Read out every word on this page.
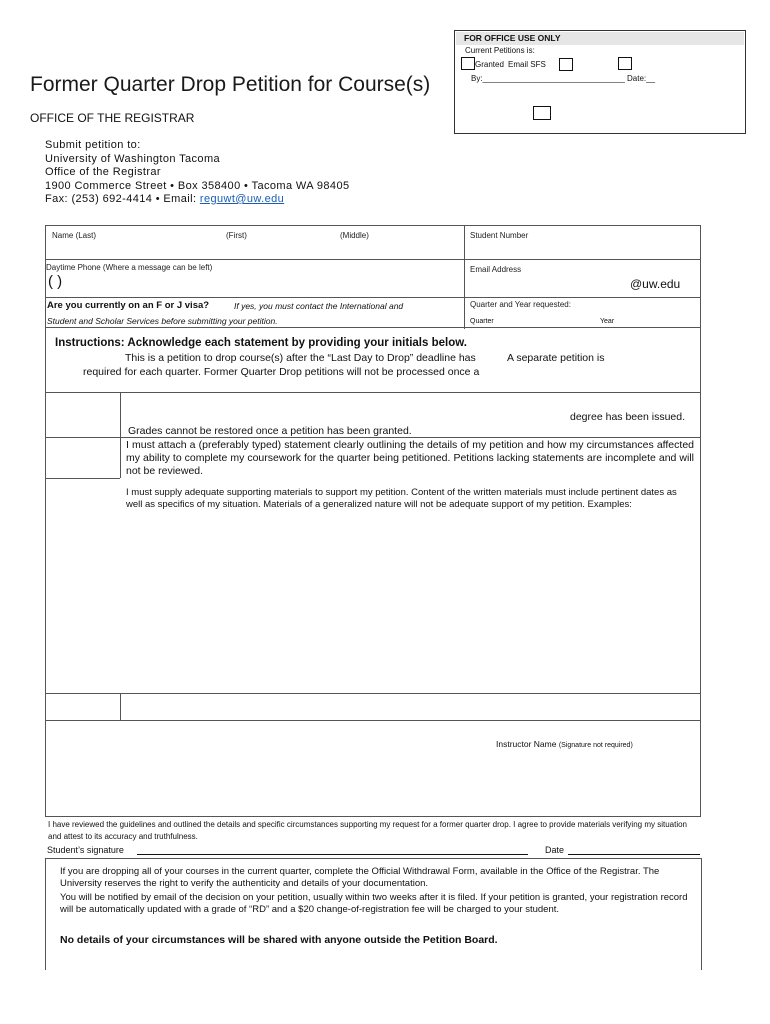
FOR OFFICE USE ONLY
Current Petitions is:
Granted Email SFS
By:________________________________ Date:__
Former Quarter Drop Petition for Course(s)
OFFICE OF THE REGISTRAR
Submit petition to:
University of Washington Tacoma
Office of the Registrar
1900 Commerce Street • Box 358400 • Tacoma WA 98405
Fax: (253) 692-4414 • Email: reguwt@uw.edu
Name (Last)	(First)	(Middle)	Student Number
Daytime Phone (Where a message can be left)
( )
Email Address
@uw.edu
Are you currently on an F or J visa?	If yes, you must contact the International and
Student and Scholar Services before submitting your petition.
Quarter and Year requested:
Quarter	Year
Instructions: Acknowledge each statement by providing your initials below.
This is a petition to drop course(s) after the “Last Day to Drop” deadline has	A separate petition is
required for each quarter. Former Quarter Drop petitions will not be processed once a
degree has been issued.
Grades cannot be restored once a petition has been granted.
I must attach a (preferably typed) statement clearly outlining the details of my petition and how my circumstances affected my ability to complete my coursework for the quarter being petitioned. Petitions lacking statements are incomplete and will not be reviewed.
I must supply adequate supporting materials to support my petition. Content of the written materials must include pertinent dates as well as specifics of my situation. Materials of a generalized nature will not be adequate support of my petition. Examples:
Instructor Name (Signature not required)
I have reviewed the guidelines and outlined the details and specific circumstances supporting my request for a former quarter drop. I agree to provide materials verifying my situation and attest to its accuracy and truthfulness.
Student’s signature	Date
If you are dropping all of your courses in the current quarter, complete the Official Withdrawal Form, available in the Office of the Registrar. The University reserves the right to verify the authenticity and details of your documentation.
You will be notified by email of the decision on your petition, usually within two weeks after it is filed. If your petition is granted, your registration record will be automatically updated with a grade of “RD” and a $20 change-of-registration fee will be charged to your student.
No details of your circumstances will be shared with anyone outside the Petition Board.
